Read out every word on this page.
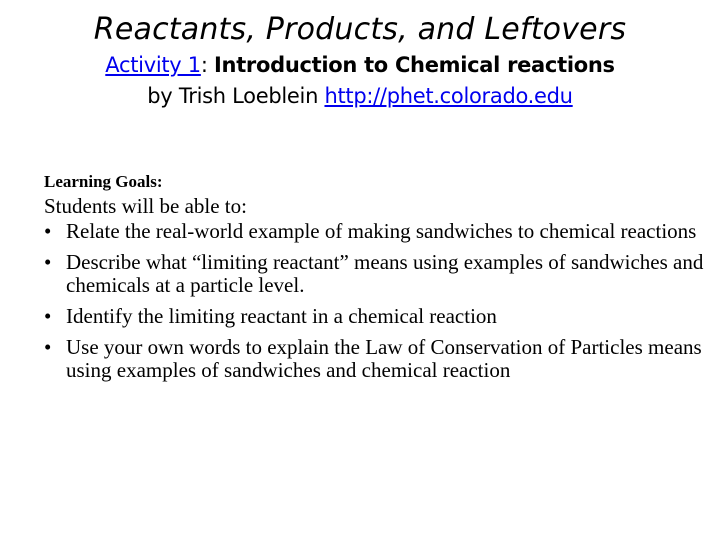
Reactants, Products, and Leftovers

Activity 1: Introduction to Chemical reactions

by Trish Loeblein http://phet.colorado.edu

Learning Goals:

Students will be able to:

• Relate the real-world example of making sandwiches to chemical reactions
• Describe what “limiting reactant” means using examples of sandwiches and chemicals at a particle level.
• Identify the limiting reactant in a chemical reaction
• Use your own words to explain the Law of Conservation of Particles means using examples of sandwiches and chemical reaction
